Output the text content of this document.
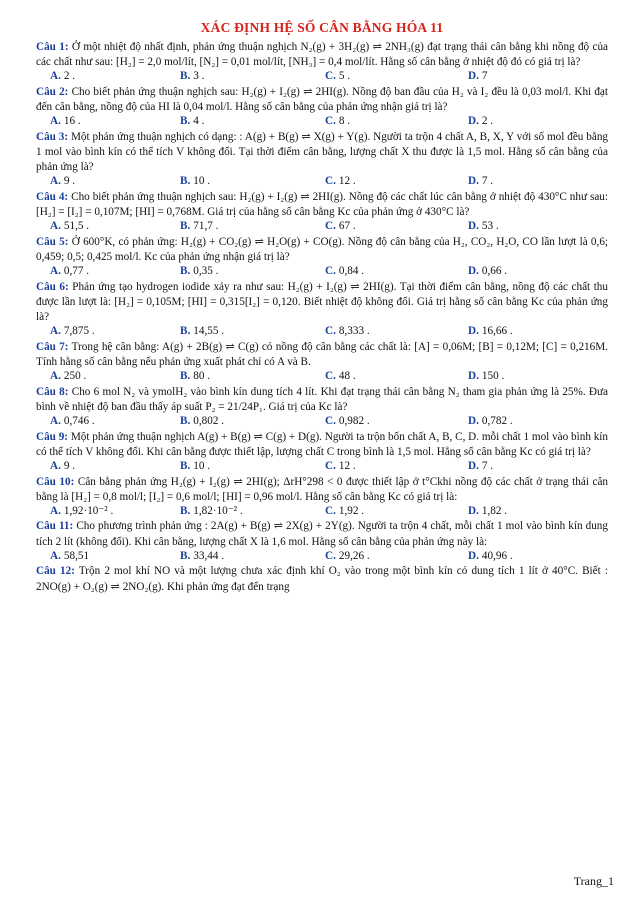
XÁC ĐỊNH HỆ SỐ CÂN BẰNG HÓA 11
Câu 1: Ở một nhiệt độ nhất định, phản ứng thuận nghịch N₂(g) + 3H₂(g) ⇌ 2NH₃(g) đạt trạng thái cân bằng khi nồng độ của các chất như sau: [H₂] = 2,0 mol/lít, [N₂] = 0,01 mol/lít, [NH₃] = 0,4 mol/lít. Hằng số cân bằng ở nhiệt độ đó có giá trị là?
A. 2 .	B. 3 .	C. 5 .	D. 7
Câu 2: Cho biết phản ứng thuận nghịch sau: H₂(g) + I₂(g) ⇌ 2HI(g). Nồng độ ban đầu của H₂ và I₂ đều là 0,03 mol/l. Khi đạt đến cân bằng, nồng độ của HI là 0,04 mol/l. Hằng số cân bằng của phản ứng nhận giá trị là?
A. 16 .	B. 4 .	C. 8 .	D. 2 .
Câu 3: Một phản ứng thuận nghịch có dạng: : A(g) + B(g) ⇌ X(g) + Y(g). Người ta trộn 4 chất A, B, X, Y với số mol đều bằng 1 mol vào bình kín có thể tích V không đổi. Tại thời điểm cân bằng, lượng chất X thu được là 1,5 mol. Hằng số cân bằng của phản ứng là?
A. 9 .	B. 10 .	C. 12 .	D. 7 .
Câu 4: Cho biết phản ứng thuận nghịch sau: H₂(g) + I₂(g) ⇌ 2HI(g). Nồng độ các chất lúc cân bằng ở nhiệt độ 430°C như sau: [H₂] = [I₂] = 0,107M; [HI] = 0,768M. Giá trị của hằng số cân bằng Kc của phản ứng ở 430°C là?
A. 51,5 .	B. 71,7 .	C. 67 .	D. 53 .
Câu 5: Ở 600°K, có phản ứng: H₂(g) + CO₂(g) ⇌ H₂O(g) + CO(g). Nồng độ cân bằng của H₂, CO₂, H₂O, CO lần lượt là 0,6; 0,459; 0,5; 0,425 mol/l. Kc của phản ứng nhận giá trị là?
A. 0,77 .	B. 0,35 .	C. 0,84 .	D. 0,66 .
Câu 6: Phản ứng tạo hydrogen iodide xảy ra như sau: H₂(g) + I₂(g) ⇌ 2HI(g). Tại thời điểm cân bằng, nồng độ các chất thu được lần lượt là: [H₂] = 0,105M; [HI] = 0,315[I₂] = 0,120. Biết nhiệt độ không đổi. Giá trị hằng số cân bằng Kc của phản ứng là?
A. 7,875 .	B. 14,55 .	C. 8,333 .	D. 16,66 .
Câu 7: Trong hệ cân bằng: A(g) + 2B(g) ⇌ C(g) có nồng độ cân bằng các chất là: [A] = 0,06M; [B] = 0,12M; [C] = 0,216M. Tính hằng số cân bằng nếu phản ứng xuất phát chỉ có A và B.
A. 250 .	B. 80 .	C. 48 .	D. 150 .
Câu 8: Cho 6 mol N₂ và ymolH₂ vào bình kín dung tích 4 lít. Khi đạt trạng thái cân bằng N₂ tham gia phản ứng là 25%. Đưa bình về nhiệt độ ban đầu thấy áp suất P₂ = 21/24P₁. Giá trị của Kc là?
A. 0,746 .	B. 0,802 .	C. 0,982 .	D. 0,782 .
Câu 9: Một phản ứng thuận nghịch A(g) + B(g) ⇌ C(g) + D(g). Người ta trộn bốn chất A, B, C, D. mỗi chất 1 mol vào bình kín có thể tích V không đổi. Khi cân bằng được thiết lập, lượng chất C trong bình là 1,5 mol. Hằng số cân bằng Kc có giá trị là?
A. 9 .	B. 10 .	C. 12 .	D. 7 .
Câu 10: Cân bằng phản ứng H₂(g) + I₂(g) ⇌ 2HI(g); ΔrH°298 < 0 được thiết lập ở t°Ckhi nồng độ các chất ở trạng thái cân bằng là [H₂] = 0,8 mol/l; [I₂] = 0,6 mol/l; [HI] = 0,96 mol/l. Hằng số cân bằng Kc có giá trị là:
A. 1,92·10⁻² .	B. 1,82·10⁻² .	C. 1,92 .	D. 1,82 .
Câu 11: Cho phương trình phản ứng : 2A(g) + B(g) ⇌ 2X(g) + 2Y(g). Người ta trộn 4 chất, mỗi chất 1 mol vào bình kín dung tích 2 lít (không đổi). Khi cân bằng, lượng chất X là 1,6 mol. Hằng số cân bằng của phản ứng này là:
A. 58,51	B. 33,44 .	C. 29,26 .	D. 40,96 .
Câu 12: Trộn 2 mol khí NO và một lượng chưa xác định khí O₂ vào trong một bình kín có dung tích 1 lít ở 40°C. Biết : 2NO(g) + O₂(g) ⇌ 2NO₂(g). Khi phản ứng đạt đến trạng
Trang_1
